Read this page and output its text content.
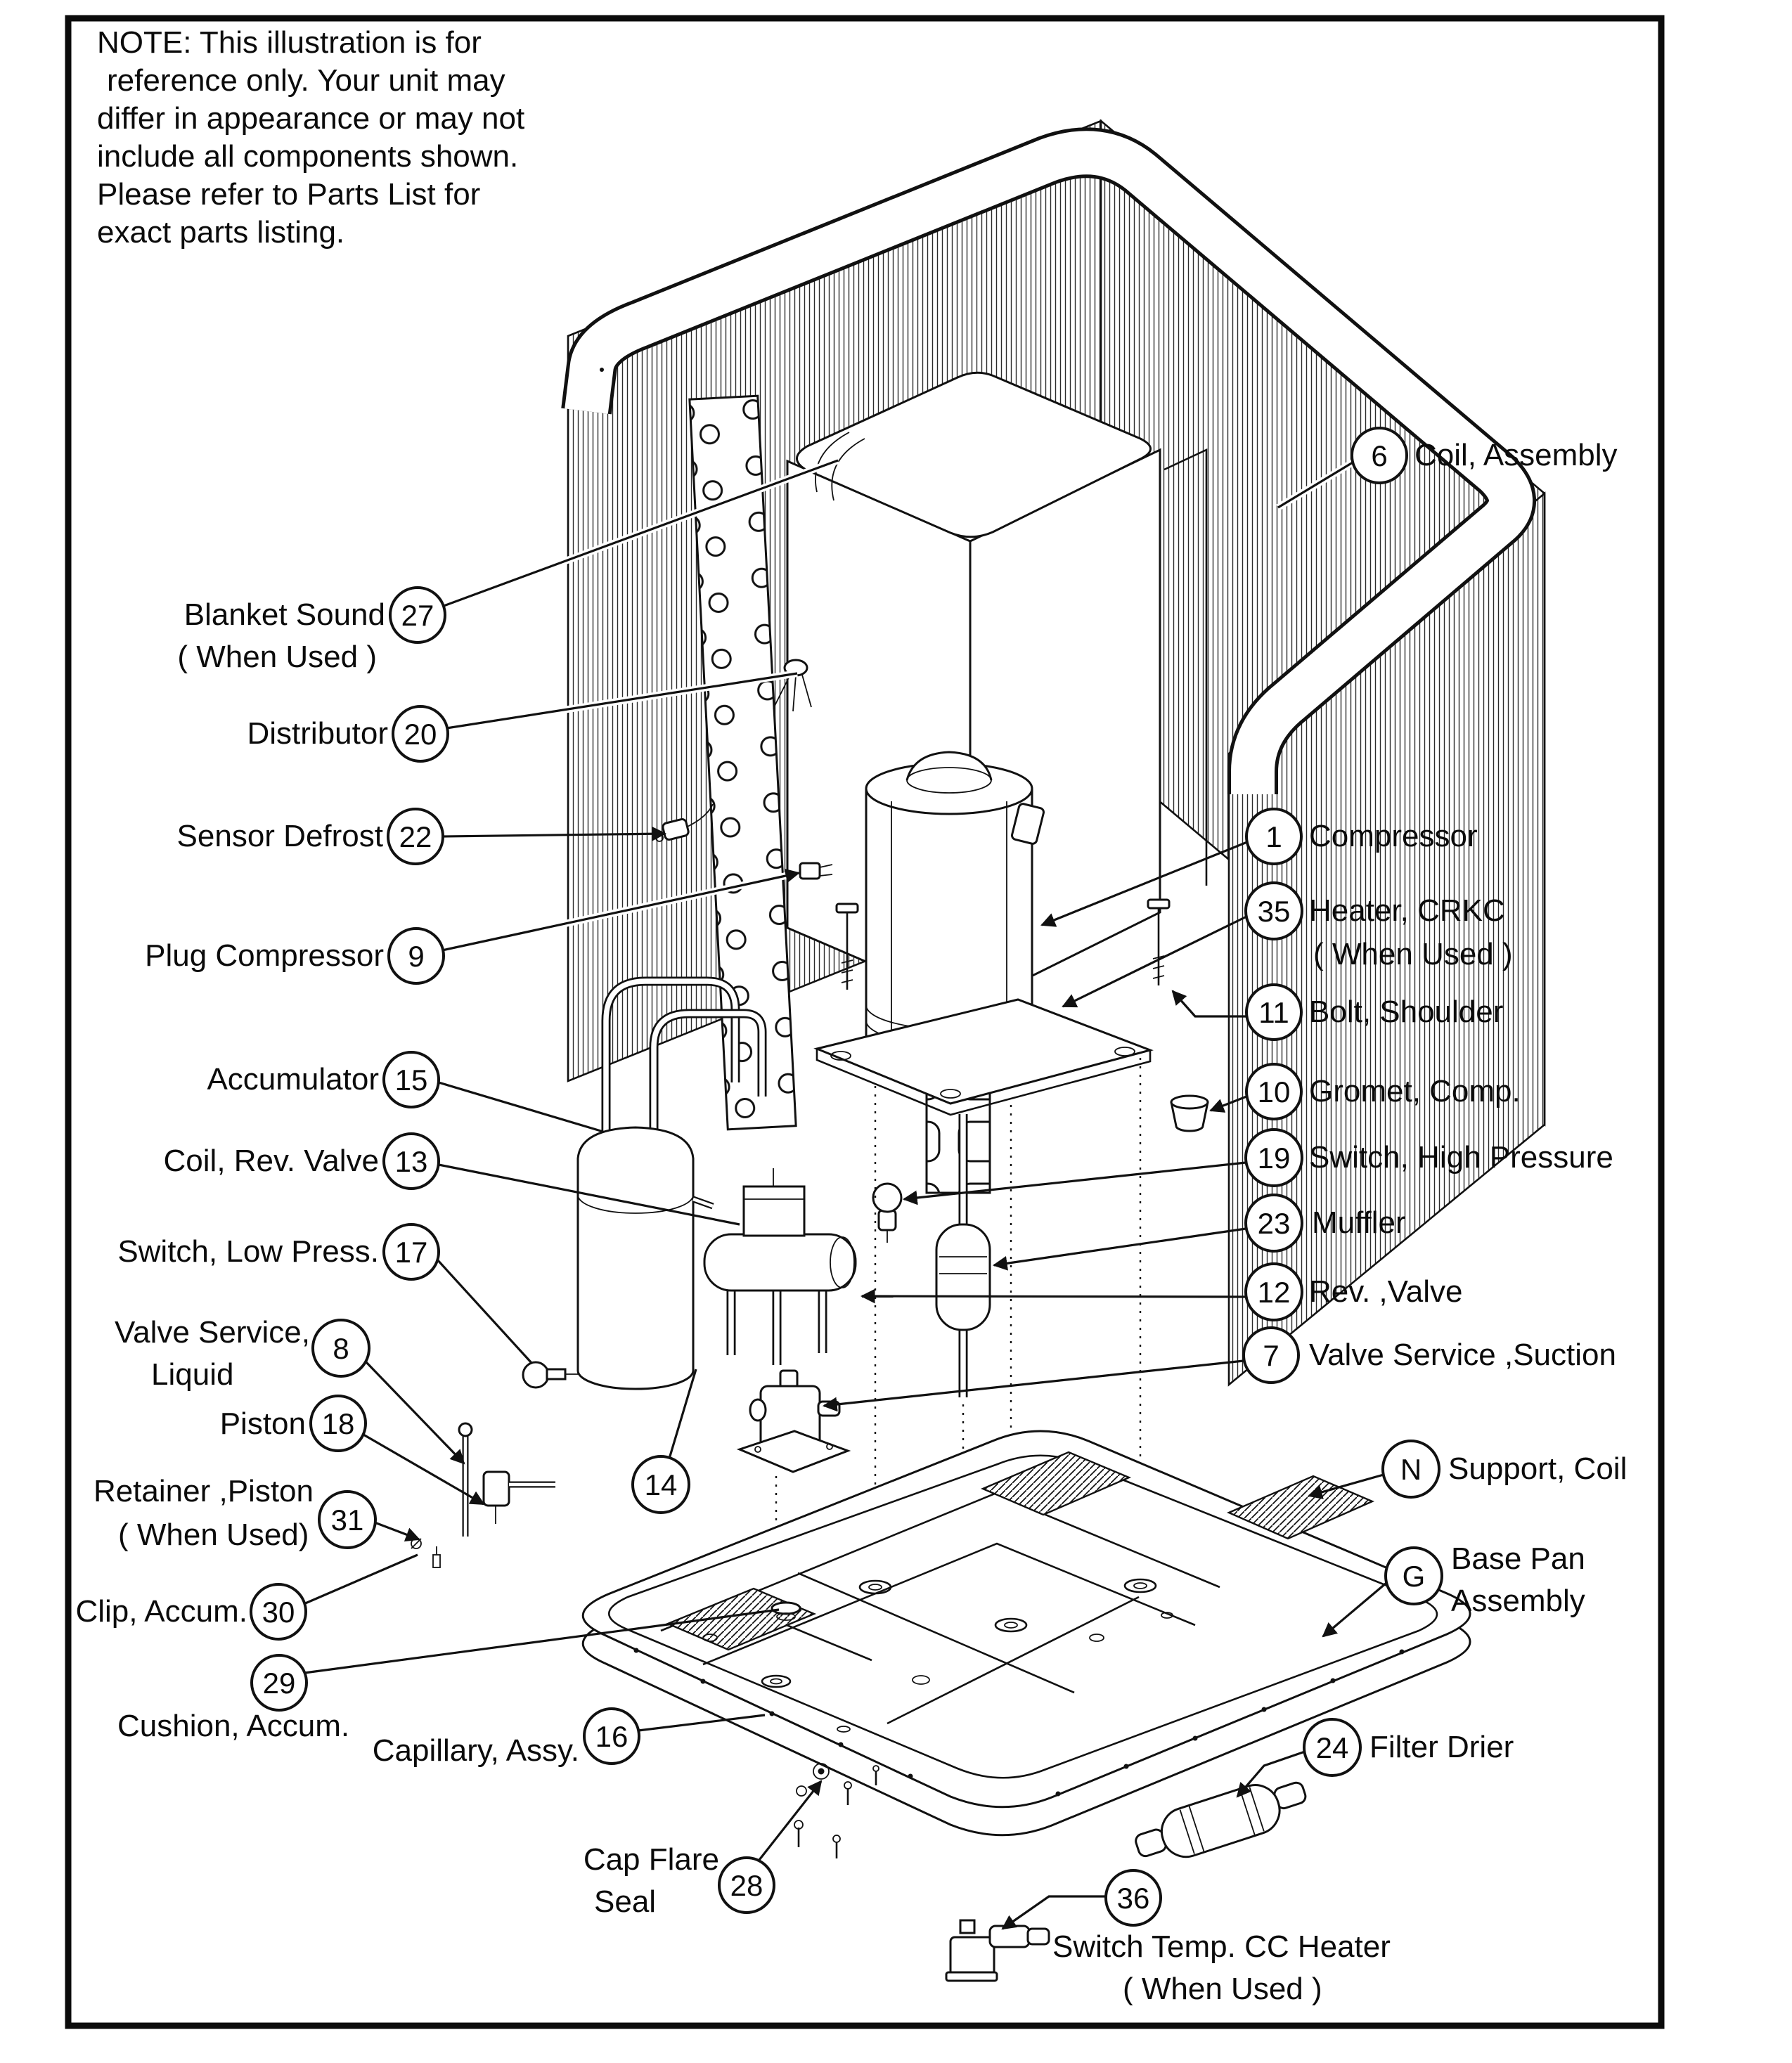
27
Blanket Sound
( When Used )
20
Distributor
22
Sensor Defrost
9
Plug Compressor
15
Accumulator
13
Coil, Rev. Valve
17
Switch, Low Press.
8
Valve Service,
Liquid
18
Piston
31
Retainer ,Piston
( When Used)
30
Clip, Accum.
29
Cushion, Accum.	16
Capillary, Assy.
28
Cap Flare
Seal
6 Coil, Assembly
1 Compressor
35 Heater, CRKC
( When Used )
11 Bolt, Shoulder
10 Gromet, Comp.
19 Switch, High Pressure
23 Muffler
12 Rev. ,Valve
7 Valve Service ,Suction
14	N Support, Coil
G
Base Pan
Assembly
24 Filter Drier
36
Switch Temp. CC Heater
( When Used )
NOTE: This illustration is for
reference only. Your unit may
differ in appearance or may not
include all components shown.
Please refer to Parts List for
exact parts listing.
